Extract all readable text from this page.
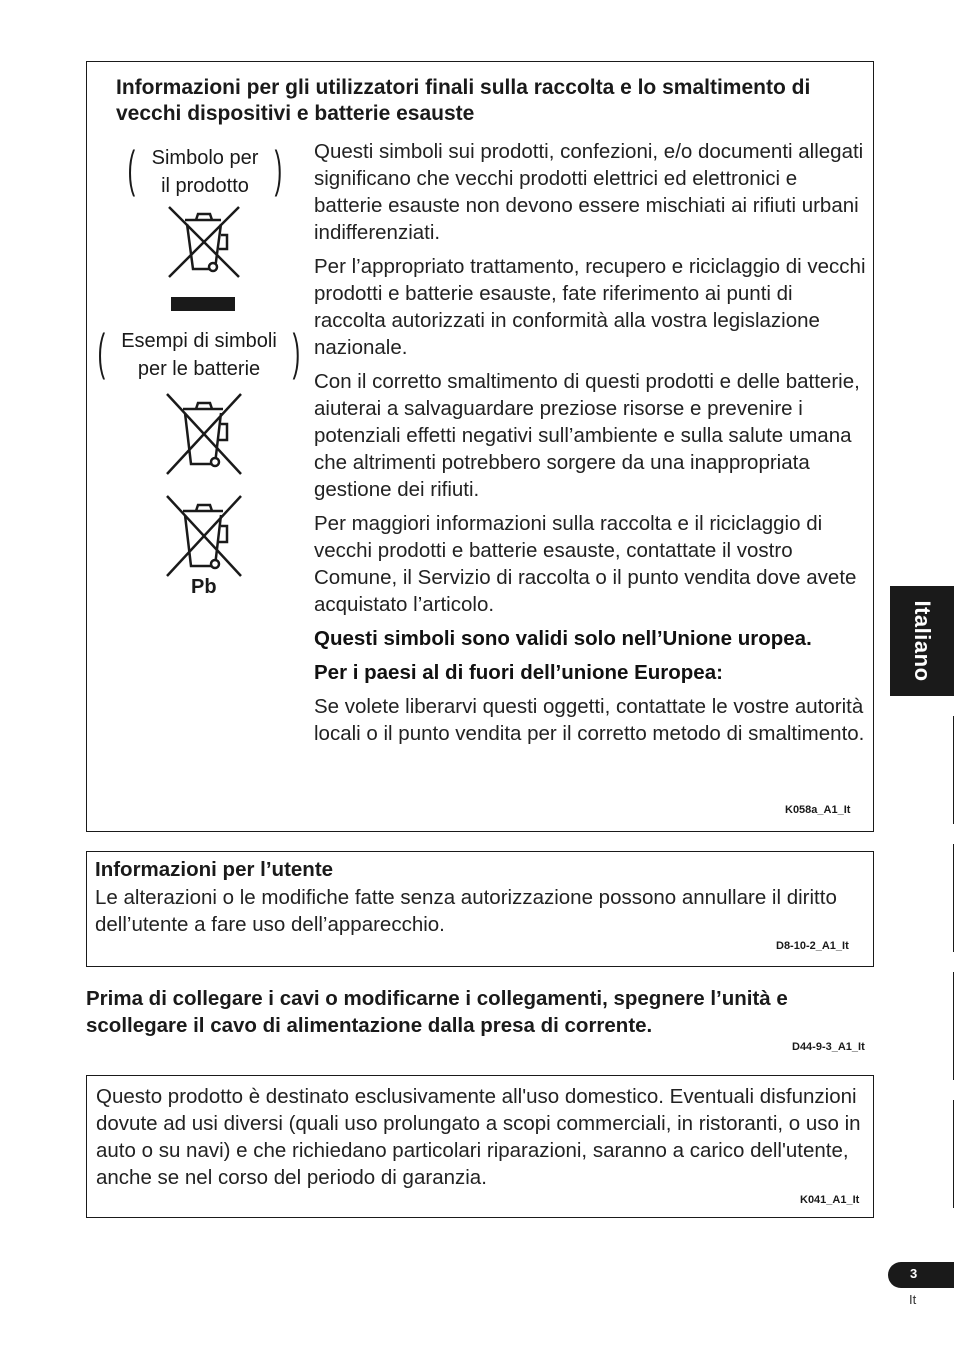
Informazioni per gli utilizzatori finali sulla raccolta e lo smaltimento di vecchi dispositivi e batterie esauste
( Simbolo per
il prodotto )
( Esempi di simboli
per le batterie )
Pb

Questi simboli sui prodotti, confezioni, e/o documenti allegati significano che vecchi prodotti elettrici ed elettronici e batterie esauste non devono essere mischiati ai rifiuti urbani indifferenziati.

Per l’appropriato trattamento, recupero e riciclaggio di vecchi prodotti e batterie esauste, fate riferimento ai punti di raccolta autorizzati in conformità alla vostra legislazione nazionale.

Con il corretto smaltimento di questi prodotti e delle batterie, aiuterai a salvaguardare preziose risorse e prevenire i potenziali effetti negativi sull’ambiente e sulla salute umana che altrimenti potrebbero sorgere da una inappropriata gestione dei rifiuti.

Per maggiori informazioni sulla raccolta e il riciclaggio di vecchi prodotti e batterie esauste, contattate il vostro Comune, il Servizio di raccolta o il punto vendita dove avete acquistato l’articolo.

Questi simboli sono validi solo nell’Unione uropea.

Per i paesi al di fuori dell’unione Europea:

Se volete liberarvi questi oggetti, contattate le vostre autorità locali o il punto vendita per il corretto metodo di smaltimento.

K058a_A1_It
Informazioni per l’utente

Le alterazioni o le modifiche fatte senza autorizzazione possono annullare il diritto dell’utente a fare uso dell’apparecchio.

D8-10-2_A1_It

Prima di collegare i cavi o modificarne i collegamenti, spegnere l’unità e scollegare il cavo di alimentazione dalla presa di corrente.

D44-9-3_A1_It

Questo prodotto è destinato esclusivamente all'uso domestico. Eventuali disfunzioni dovute ad usi diversi (quali uso prolungato a scopi commerciali, in ristoranti, o uso in auto o su navi) e che richiedano particolari riparazioni, saranno a carico dell'utente, anche se nel corso del periodo di garanzia.

K041_A1_It
Italiano
3
It
